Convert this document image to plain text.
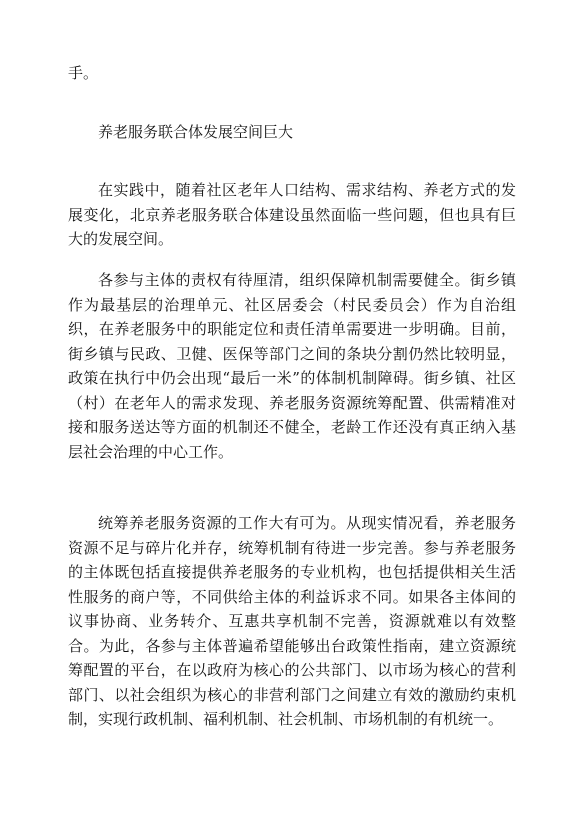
手。

养老服务联合体发展空间巨大

在实践中，随着社区老年人口结构、需求结构、养老方式的发展变化，北京养老服务联合体建设虽然面临一些问题，但也具有巨大的发展空间。

各参与主体的责权有待厘清，组织保障机制需要健全。街乡镇作为最基层的治理单元、社区居委会（村民委员会）作为自治组织，在养老服务中的职能定位和责任清单需要进一步明确。目前，街乡镇与民政、卫健、医保等部门之间的条块分割仍然比较明显，政策在执行中仍会出现“最后一米”的体制机制障碍。街乡镇、社区（村）在老年人的需求发现、养老服务资源统筹配置、供需精准对接和服务送达等方面的机制还不健全，老龄工作还没有真正纳入基层社会治理的中心工作。

统筹养老服务资源的工作大有可为。从现实情况看，养老服务资源不足与碎片化并存，统筹机制有待进一步完善。参与养老服务的主体既包括直接提供养老服务的专业机构，也包括提供相关生活性服务的商户等，不同供给主体的利益诉求不同。如果各主体间的议事协商、业务转介、互惠共享机制不完善，资源就难以有效整合。为此，各参与主体普遍希望能够出台政策性指南，建立资源统筹配置的平台，在以政府为核心的公共部门、以市场为核心的营利部门、以社会组织为核心的非营利部门之间建立有效的激励约束机制，实现行政机制、福利机制、社会机制、市场机制的有机统一。
